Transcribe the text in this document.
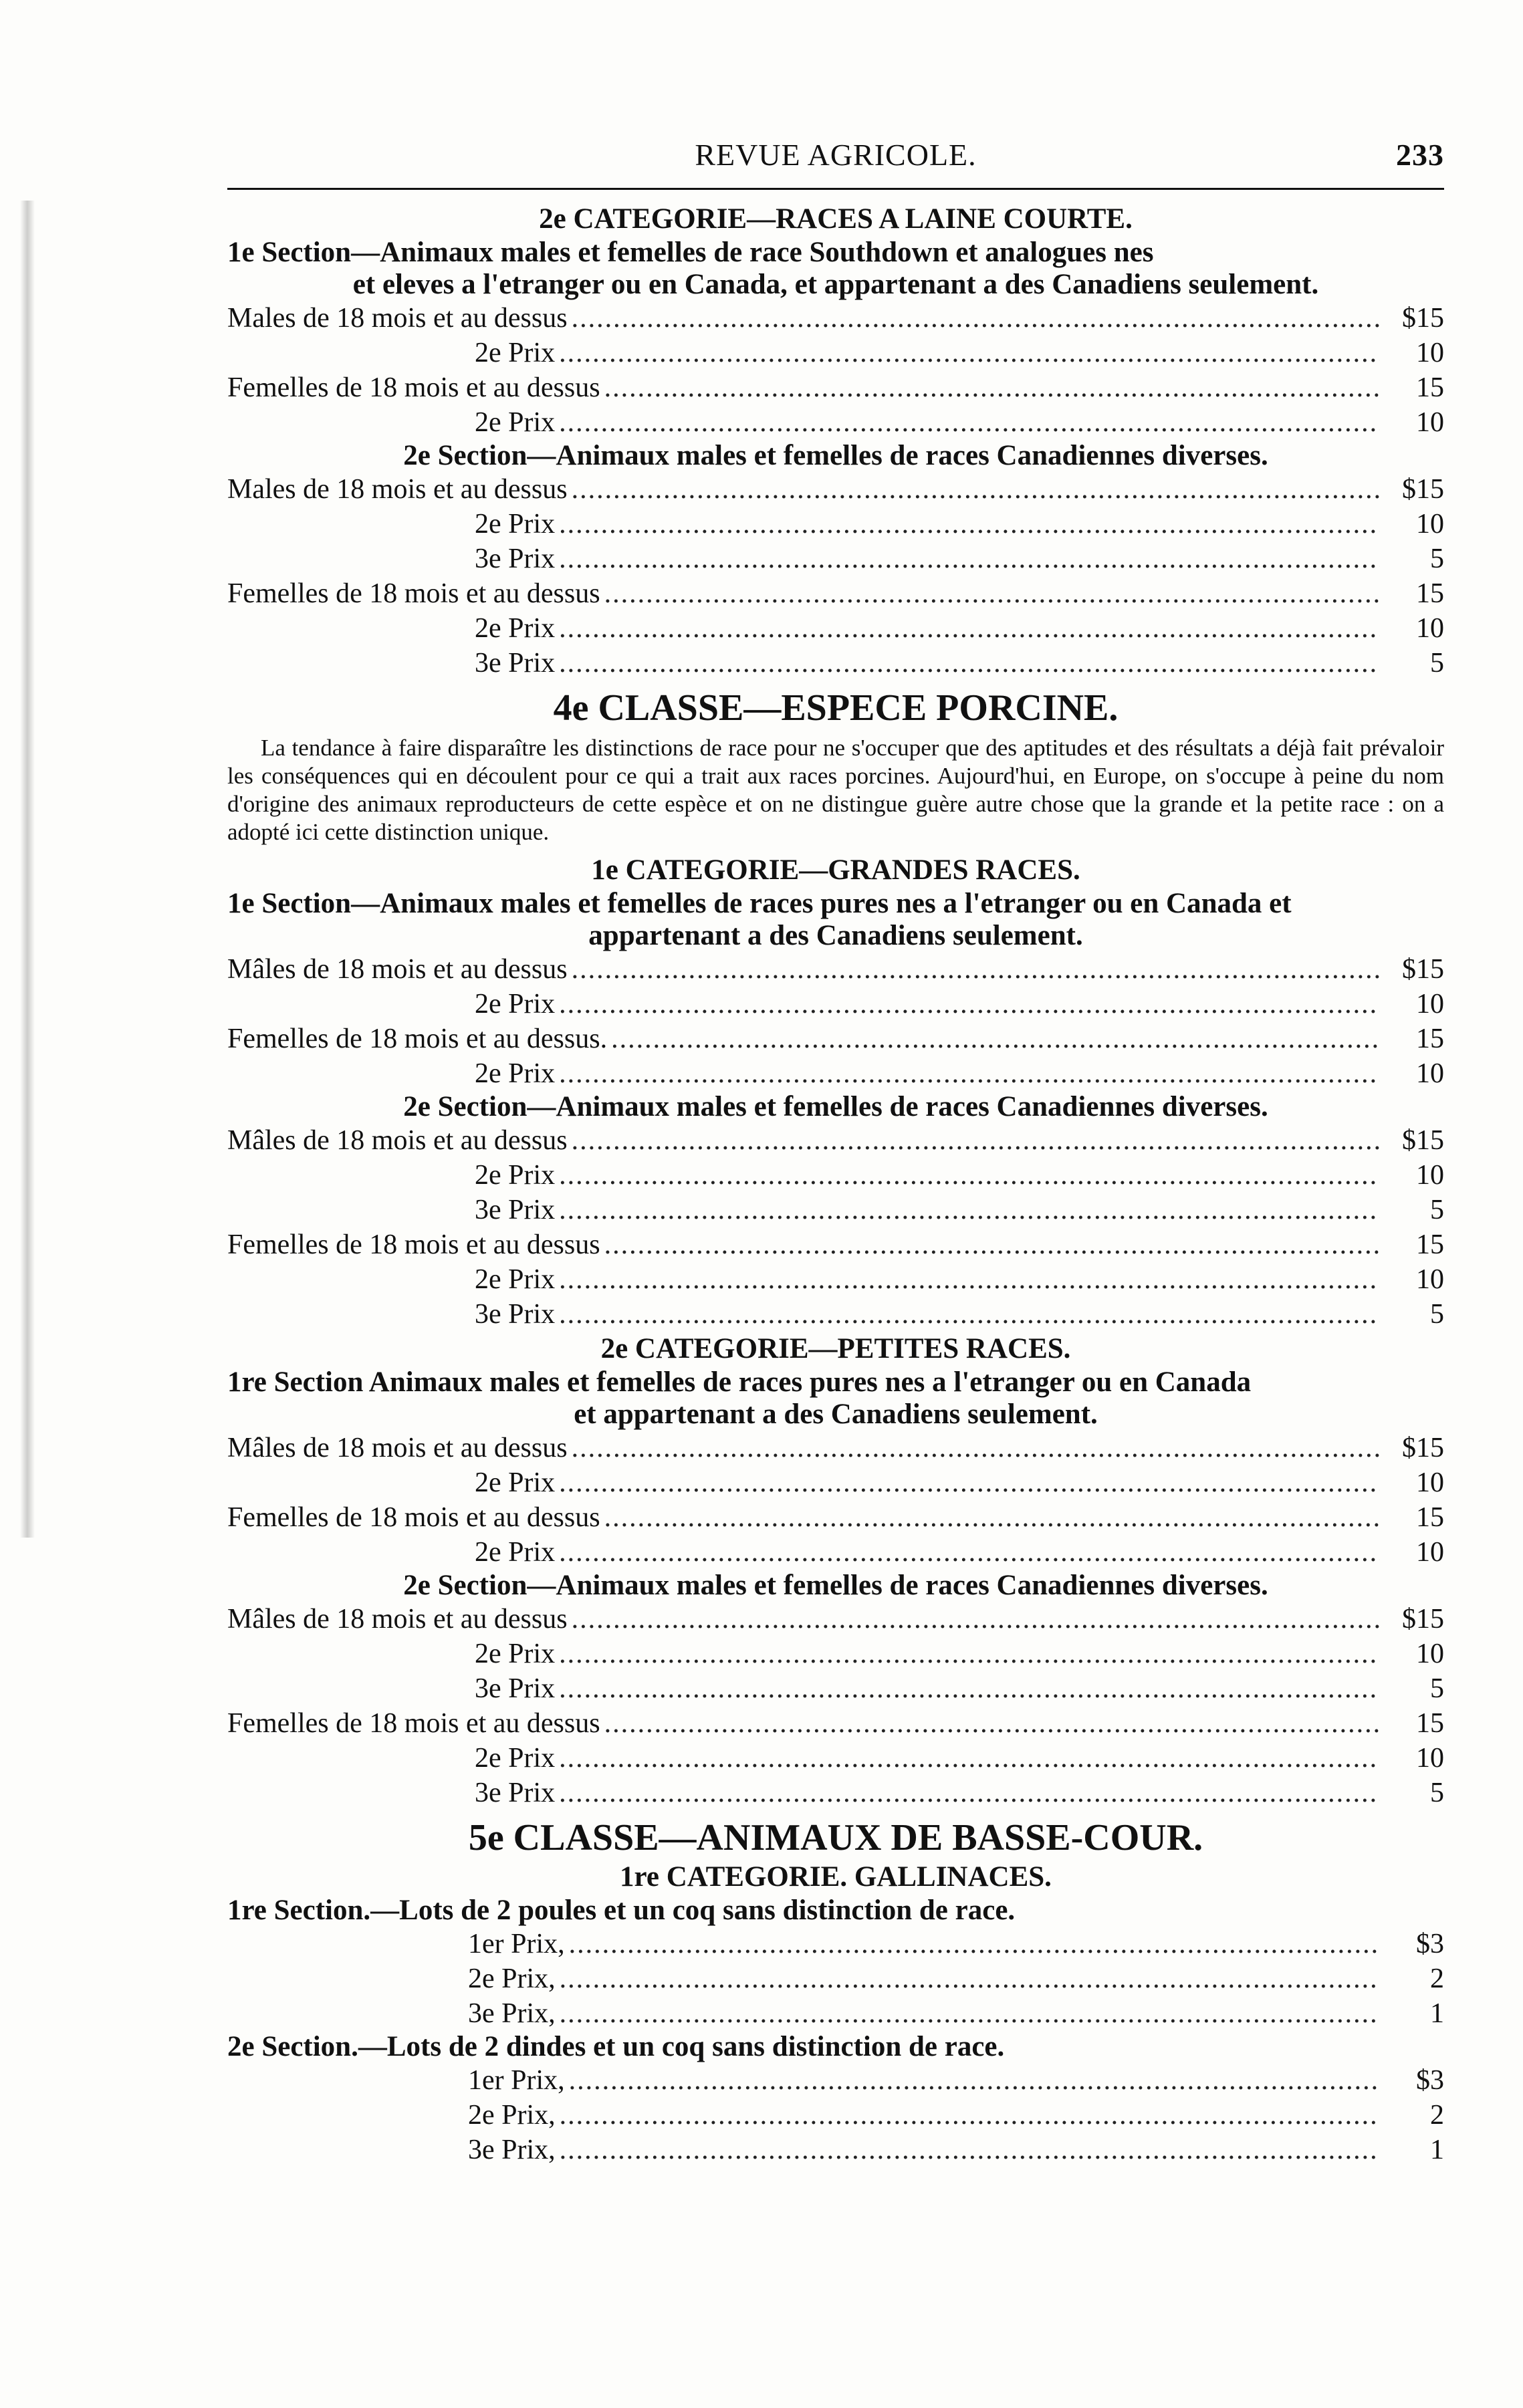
REVUE AGRICOLE.	233
2e CATEGORIE—RACES A LAINE COURTE.
1e Section—Animaux males et femelles de race Southdown et analogues nes
et eleves a l'etranger ou en Canada, et appartenant a des Canadiens seulement.
Males de 18 mois et au dessus .....	$15
2e Prix .....	10
Femelles de 18 mois et au dessus .....	15
2e Prix .....	10
2e Section—Animaux males et femelles de races Canadiennes diverses.
Males de 18 mois et au dessus .....	$15
2e Prix .....	10
3e Prix .....	5
Femelles de 18 mois et au dessus .....	15
2e Prix .....	10
3e Prix .....	5
4e CLASSE—ESPECE PORCINE.
La tendance à faire disparaître les distinctions de race pour ne s'occuper que des aptitudes et des résultats a déjà fait prévaloir les conséquences qui en découlent pour ce qui a trait aux races porcines. Aujourd'hui, en Europe, on s'occupe à peine du nom d'origine des animaux reproducteurs de cette espèce et on ne distingue guère autre chose que la grande et la petite race : on a adopté ici cette distinction unique.
1e CATEGORIE—GRANDES RACES.
1e Section—Animaux males et femelles de races pures nes a l'etranger ou en Canada et
appartenant a des Canadiens seulement.
Mâles de 18 mois et au dessus .....	$15
2e Prix .....	10
Femelles de 18 mois et au dessus. .....	15
2e Prix .....	10
2e Section—Animaux males et femelles de races Canadiennes diverses.
Mâles de 18 mois et au dessus .....	$15
2e Prix .....	10
3e Prix .....	5
Femelles de 18 mois et au dessus .....	15
2e Prix .....	10
3e Prix .....	5
2e CATEGORIE—PETITES RACES.
1re Section Animaux males et femelles de races pures nes a l'etranger ou en Canada
et appartenant a des Canadiens seulement.
Mâles de 18 mois et au dessus .....	$15
2e Prix .....	10
Femelles de 18 mois et au dessus .....	15
2e Prix .....	10
2e Section—Animaux males et femelles de races Canadiennes diverses.
Mâles de 18 mois et au dessus .....	$15
2e Prix .....	10
3e Prix .....	5
Femelles de 18 mois et au dessus .....	15
2e Prix .....	10
3e Prix .....	5
5e CLASSE—ANIMAUX DE BASSE-COUR.
1re CATEGORIE. GALLINACES.
1re Section.—Lots de 2 poules et un coq sans distinction de race.
1er Prix, .....	$3
2e Prix, .....	2
3e Prix, .....	1
2e Section.—Lots de 2 dindes et un coq sans distinction de race.
1er Prix, .....	$3
2e Prix, .....	2
3e Prix, .....	1
